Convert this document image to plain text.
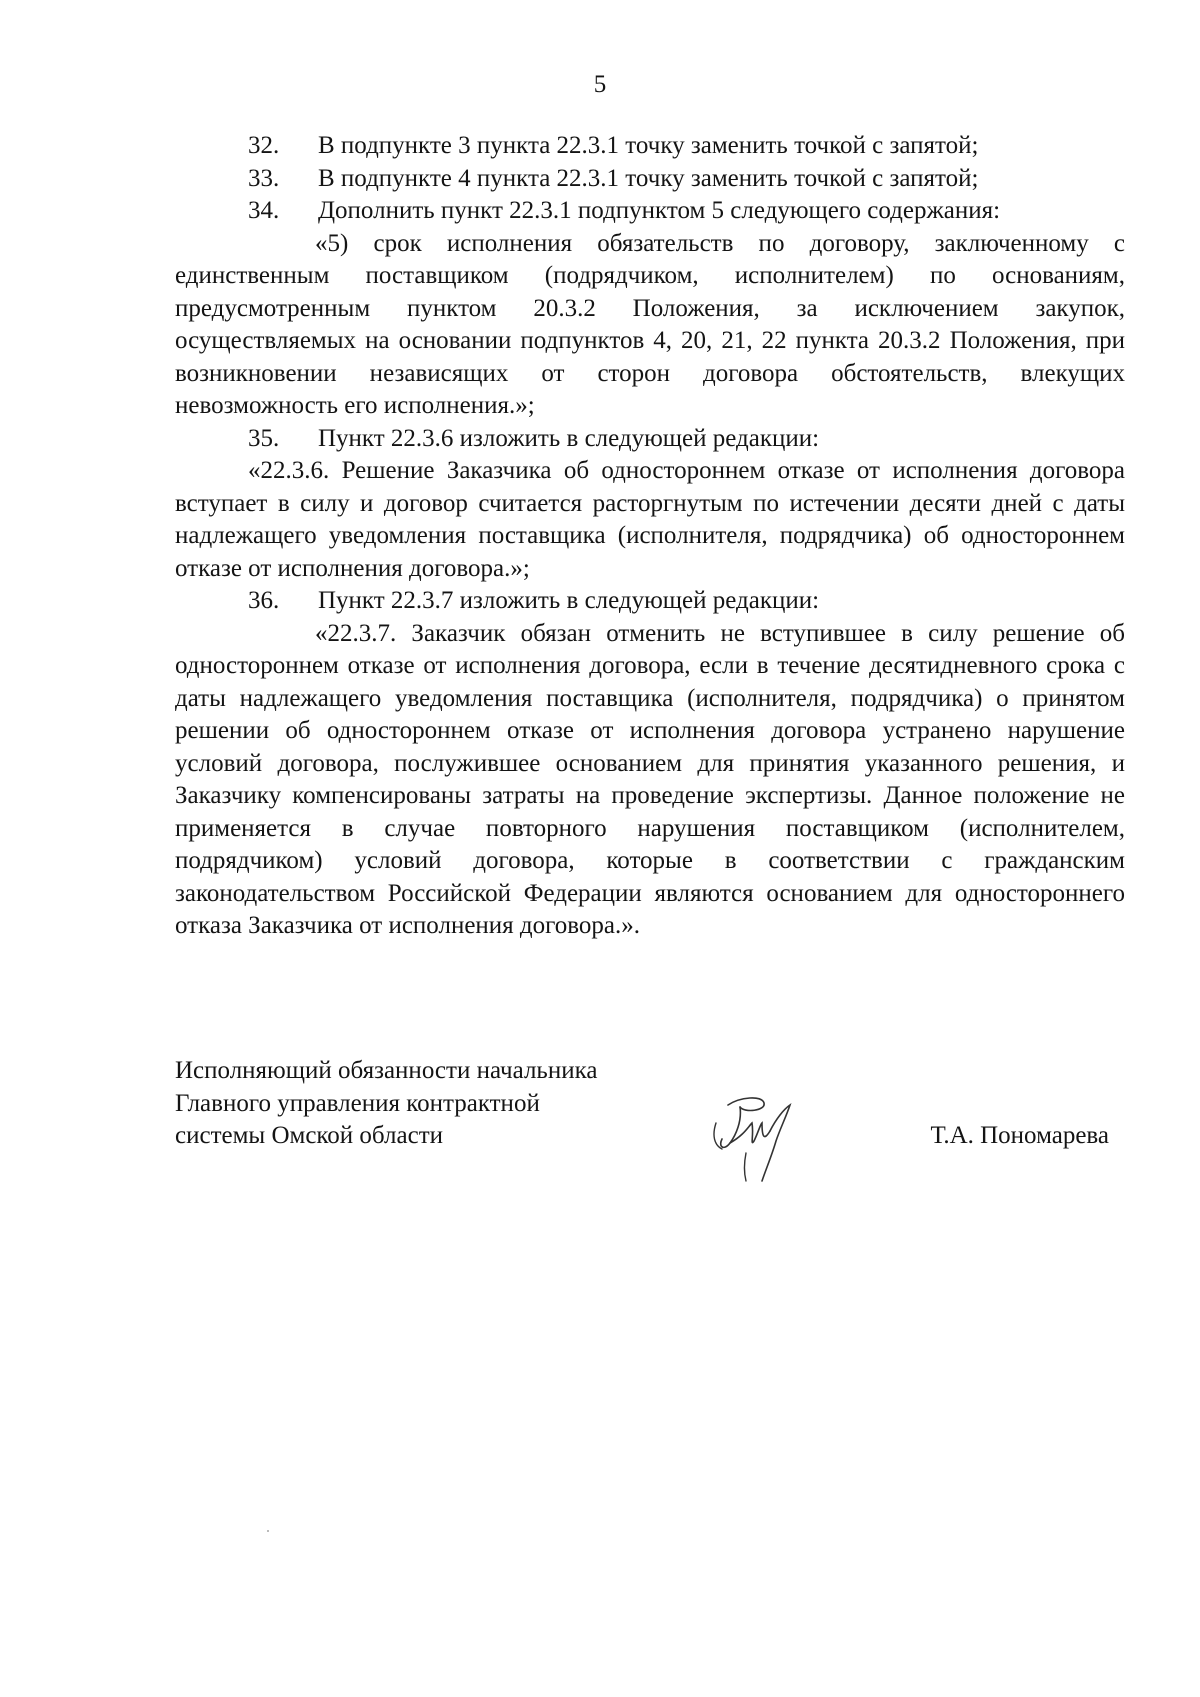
5

32. В подпункте 3 пункта 22.3.1 точку заменить точкой с запятой;

33. В подпункте 4 пункта 22.3.1 точку заменить точкой с запятой;

34. Дополнить пункт 22.3.1 подпунктом 5 следующего содержания:

«5) срок исполнения обязательств по договору, заключенному с единственным поставщиком (подрядчиком, исполнителем) по основаниям, предусмотренным пунктом 20.3.2 Положения, за исключением закупок, осуществляемых на основании подпунктов 4, 20, 21, 22 пункта 20.3.2 Положения, при возникновении независящих от сторон договора обстоятельств, влекущих невозможность его исполнения.»;

35. Пункт 22.3.6 изложить в следующей редакции:

«22.3.6. Решение Заказчика об одностороннем отказе от исполнения договора вступает в силу и договор считается расторгнутым по истечении десяти дней с даты надлежащего уведомления поставщика (исполнителя, подрядчика) об одностороннем отказе от исполнения договора.»;

36. Пункт 22.3.7 изложить в следующей редакции:

«22.3.7. Заказчик обязан отменить не вступившее в силу решение об одностороннем отказе от исполнения договора, если в течение десятидневного срока с даты надлежащего уведомления поставщика (исполнителя, подрядчика) о принятом решении об одностороннем отказе от исполнения договора устранено нарушение условий договора, послужившее основанием для принятия указанного решения, и Заказчику компенсированы затраты на проведение экспертизы. Данное положение не применяется в случае повторного нарушения поставщиком (исполнителем, подрядчиком) условий договора, которые в соответствии с гражданским законодательством Российской Федерации являются основанием для одностороннего отказа Заказчика от исполнения договора.».

Исполняющий обязанности начальника
Главного управления контрактной
системы Омской области	Т.А. Пономарева
